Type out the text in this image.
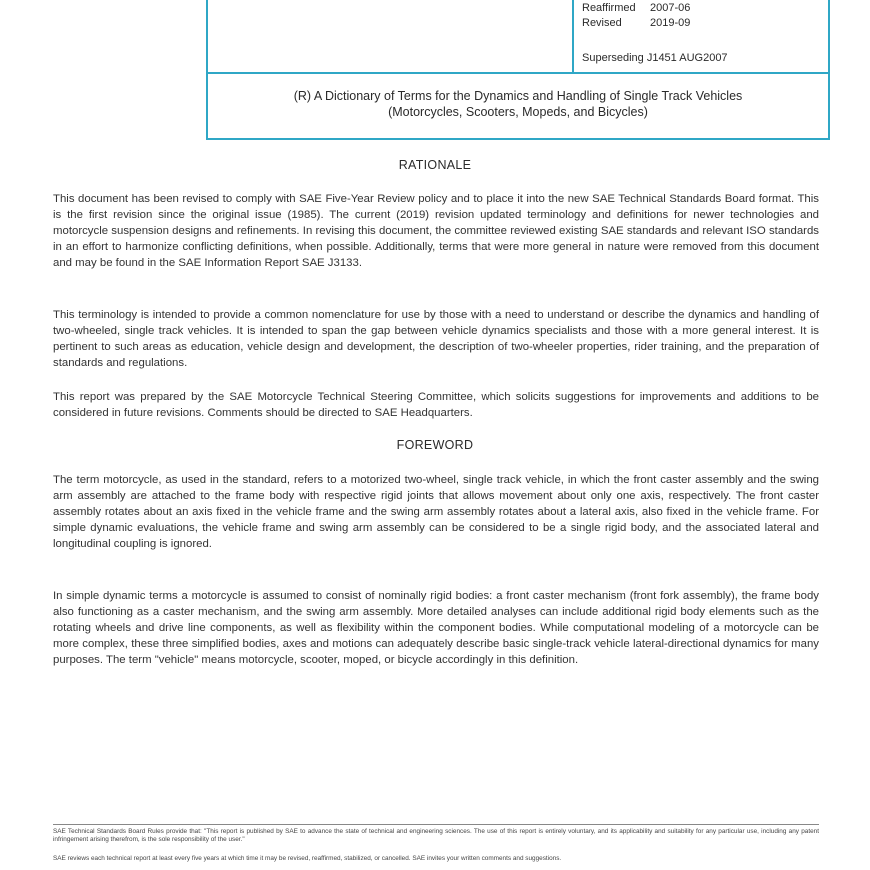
Reaffirmed 2007-06
Revised	2019-09
Superseding J1451 AUG2007
(R) A Dictionary of Terms for the Dynamics and Handling of Single Track Vehicles
(Motorcycles, Scooters, Mopeds, and Bicycles)
RATIONALE
This document has been revised to comply with SAE Five-Year Review policy and to place it into the new SAE Technical Standards Board format. This is the first revision since the original issue (1985). The current (2019) revision updated terminology and definitions for newer technologies and motorcycle suspension designs and refinements. In revising this document, the committee reviewed existing SAE standards and relevant ISO standards in an effort to harmonize conflicting definitions, when possible. Additionally, terms that were more general in nature were removed from this document and may be found in the SAE Information Report SAE J3133.
This terminology is intended to provide a common nomenclature for use by those with a need to understand or describe the dynamics and handling of two-wheeled, single track vehicles. It is intended to span the gap between vehicle dynamics specialists and those with a more general interest. It is pertinent to such areas as education, vehicle design and development, the description of two-wheeler properties, rider training, and the preparation of standards and regulations.
This report was prepared by the SAE Motorcycle Technical Steering Committee, which solicits suggestions for improvements and additions to be considered in future revisions. Comments should be directed to SAE Headquarters.
FOREWORD
The term motorcycle, as used in the standard, refers to a motorized two-wheel, single track vehicle, in which the front caster assembly and the swing arm assembly are attached to the frame body with respective rigid joints that allows movement about only one axis, respectively. The front caster assembly rotates about an axis fixed in the vehicle frame and the swing arm assembly rotates about a lateral axis, also fixed in the vehicle frame. For simple dynamic evaluations, the vehicle frame and swing arm assembly can be considered to be a single rigid body, and the associated lateral and longitudinal coupling is ignored.
In simple dynamic terms a motorcycle is assumed to consist of nominally rigid bodies: a front caster mechanism (front fork assembly), the frame body also functioning as a caster mechanism, and the swing arm assembly. More detailed analyses can include additional rigid body elements such as the rotating wheels and drive line components, as well as flexibility within the component bodies. While computational modeling of a motorcycle can be more complex, these three simplified bodies, axes and motions can adequately describe basic single-track vehicle lateral-directional dynamics for many purposes. The term "vehicle" means motorcycle, scooter, moped, or bicycle accordingly in this definition.
SAE Technical Standards Board Rules provide that: "This report is published by SAE to advance the state of technical and engineering sciences. The use of this report is entirely voluntary, and its applicability and suitability for any particular use, including any patent infringement arising therefrom, is the sole responsibility of the user."
SAE reviews each technical report at least every five years at which time it may be revised, reaffirmed, stabilized, or cancelled. SAE invites your written comments and suggestions.
